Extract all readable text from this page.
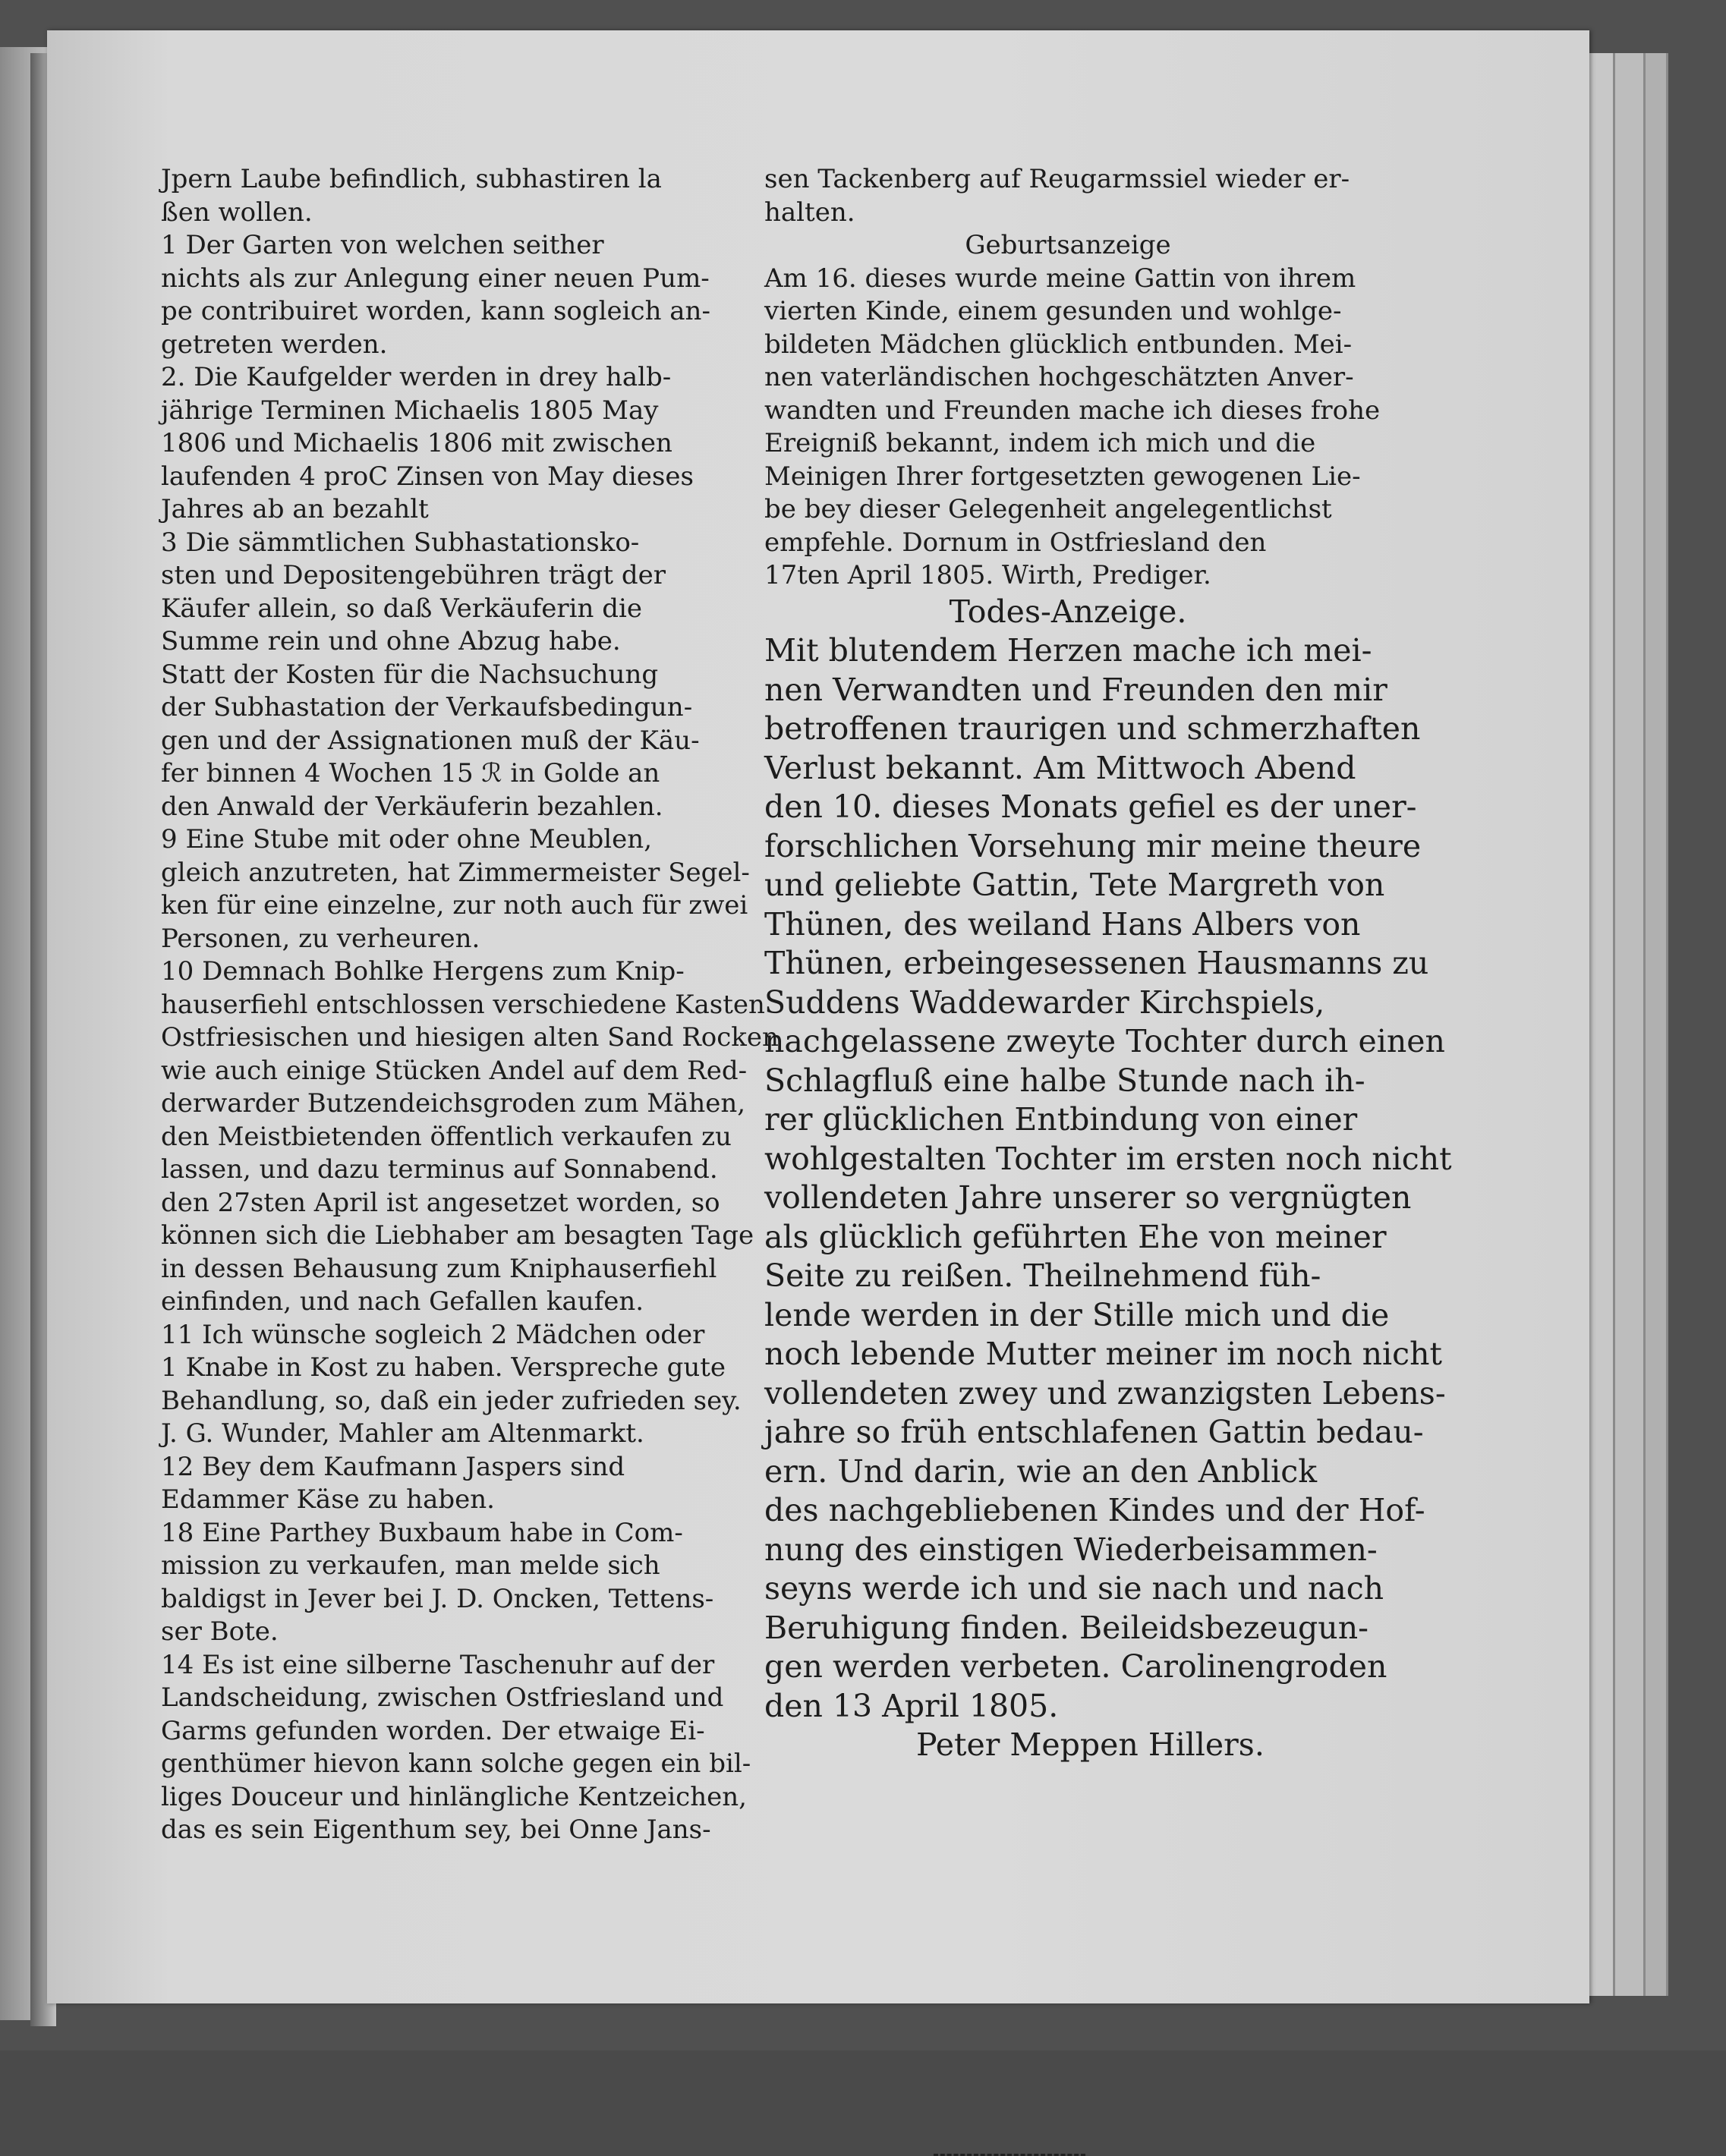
Jpern Laube befindlich, subhastiren la
ßen wollen.
1 Der Garten von welchen seither
nichts als zur Anlegung einer neuen Pum-
pe contribuiret worden, kann sogleich an-
getreten werden.
2. Die Kaufgelder werden in drey halb-
jährige Terminen Michaelis 1805 May
1806 und Michaelis 1806 mit zwischen
laufenden 4 proC Zinsen von May dieses
Jahres ab an bezahlt
3 Die sämmtlichen Subhastationsko-
sten und Depositengebühren trägt der
Käufer allein, so daß Verkäuferin die
Summe rein und ohne Abzug habe.
Statt der Kosten für die Nachsuchung
der Subhastation der Verkaufsbedingun-
gen und der Assignationen muß der Käu-
fer binnen 4 Wochen 15 ℛ in Golde an
den Anwald der Verkäuferin bezahlen.
9 Eine Stube mit oder ohne Meublen,
gleich anzutreten, hat Zimmermeister Segel-
ken für eine einzelne, zur noth auch für zwei
Personen, zu verheuren.
10 Demnach Bohlke Hergens zum Knip-
hauserfiehl entschlossen verschiedene Kasten
Ostfriesischen und hiesigen alten Sand Rocken
wie auch einige Stücken Andel auf dem Red-
derwarder Butzendeichsgroden zum Mähen,
den Meistbietenden öffentlich verkaufen zu
lassen, und dazu terminus auf Sonnabend.
den 27sten April ist angesetzet worden, so
können sich die Liebhaber am besagten Tage
in dessen Behausung zum Kniphauserfiehl
einfinden, und nach Gefallen kaufen.
11 Ich wünsche sogleich 2 Mädchen oder
1 Knabe in Kost zu haben. Verspreche gute
Behandlung, so, daß ein jeder zufrieden sey.
J. G. Wunder, Mahler am Altenmarkt.
12 Bey dem Kaufmann Jaspers sind
Edammer Käse zu haben.
18 Eine Parthey Buxbaum habe in Com-
mission zu verkaufen, man melde sich
baldigst in Jever bei J. D. Oncken, Tettens-
ser Bote.
14 Es ist eine silberne Taschenuhr auf der
Landscheidung, zwischen Ostfriesland und
Garms gefunden worden. Der etwaige Ei-
genthümer hievon kann solche gegen ein bil-
liges Douceur und hinlängliche Kentzeichen,
das es sein Eigenthum sey, bei Onne Jans-
sen Tackenberg auf Reugarmssiel wieder er-
halten.
Geburtsanzeige
Am 16. dieses wurde meine Gattin von ihrem
vierten Kinde, einem gesunden und wohlge-
bildeten Mädchen glücklich entbunden. Mei-
nen vaterländischen hochgeschätzten Anver-
wandten und Freunden mache ich dieses frohe
Ereigniß bekannt, indem ich mich und die
Meinigen Ihrer fortgesetzten gewogenen Lie-
be bey dieser Gelegenheit angelegentlichst
empfehle. Dornum in Ostfriesland den
17ten April 1805. Wirth, Prediger.
Todes-Anzeige.
Mit blutendem Herzen mache ich mei-
nen Verwandten und Freunden den mir
betroffenen traurigen und schmerzhaften
Verlust bekannt. Am Mittwoch Abend
den 10. dieses Monats gefiel es der uner-
forschlichen Vorsehung mir meine theure
und geliebte Gattin, Tete Margreth von
Thünen, des weiland Hans Albers von
Thünen, erbeingesessenen Hausmanns zu
Suddens Waddewarder Kirchspiels,
nachgelassene zweyte Tochter durch einen
Schlagfluß eine halbe Stunde nach ih-
rer glücklichen Entbindung von einer
wohlgestalten Tochter im ersten noch nicht
vollendeten Jahre unserer so vergnügten
als glücklich geführten Ehe von meiner
Seite zu reißen. Theilnehmend füh-
lende werden in der Stille mich und die
noch lebende Mutter meiner im noch nicht
vollendeten zwey und zwanzigsten Lebens-
jahre so früh entschlafenen Gattin bedau-
ern. Und darin, wie an den Anblick
des nachgebliebenen Kindes und der Hof-
nung des einstigen Wiederbeisammen-
seyns werde ich und sie nach und nach
Beruhigung finden. Beileidsbezeugun-
gen werden verbeten. Carolinengroden
den 13 April 1805.
Peter Meppen Hillers.
